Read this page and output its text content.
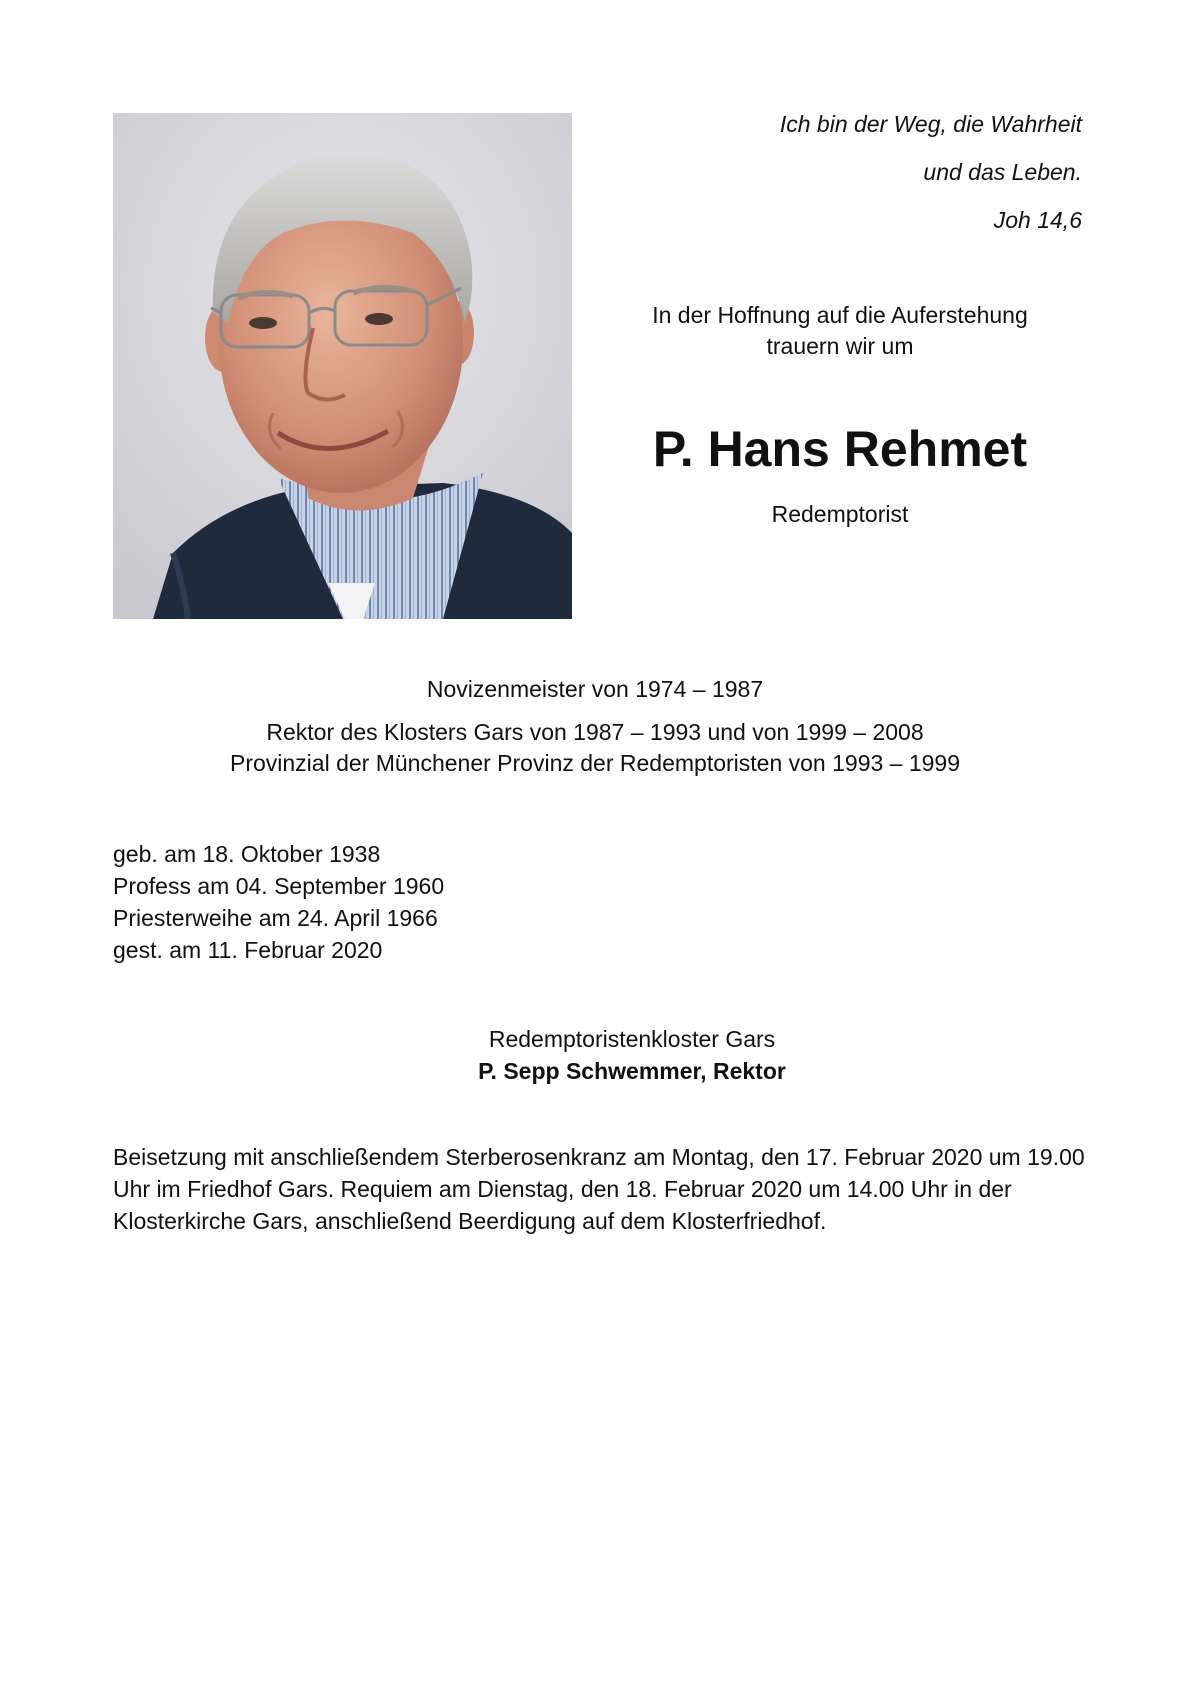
Ich bin der Weg, die Wahrheit
und das Leben.
Joh 14,6
In der Hoffnung auf die Auferstehung
trauern wir um
P. Hans Rehmet
Redemptorist
Novizenmeister von 1974 – 1987
Rektor des Klosters Gars von 1987 – 1993 und von 1999 – 2008
Provinzial der Münchener Provinz der Redemptoristen von 1993 – 1999
geb. am 18. Oktober 1938
Profess am 04. September 1960
Priesterweihe am 24. April 1966
gest. am 11. Februar 2020
Redemptoristenkloster Gars
P. Sepp Schwemmer, Rektor
Beisetzung mit anschließendem Sterberosenkranz am Montag, den 17. Februar 2020 um 19.00 Uhr im Friedhof Gars. Requiem am Dienstag, den 18. Februar 2020 um 14.00 Uhr in der Klosterkirche Gars, anschließend Beerdigung auf dem Klosterfriedhof.
